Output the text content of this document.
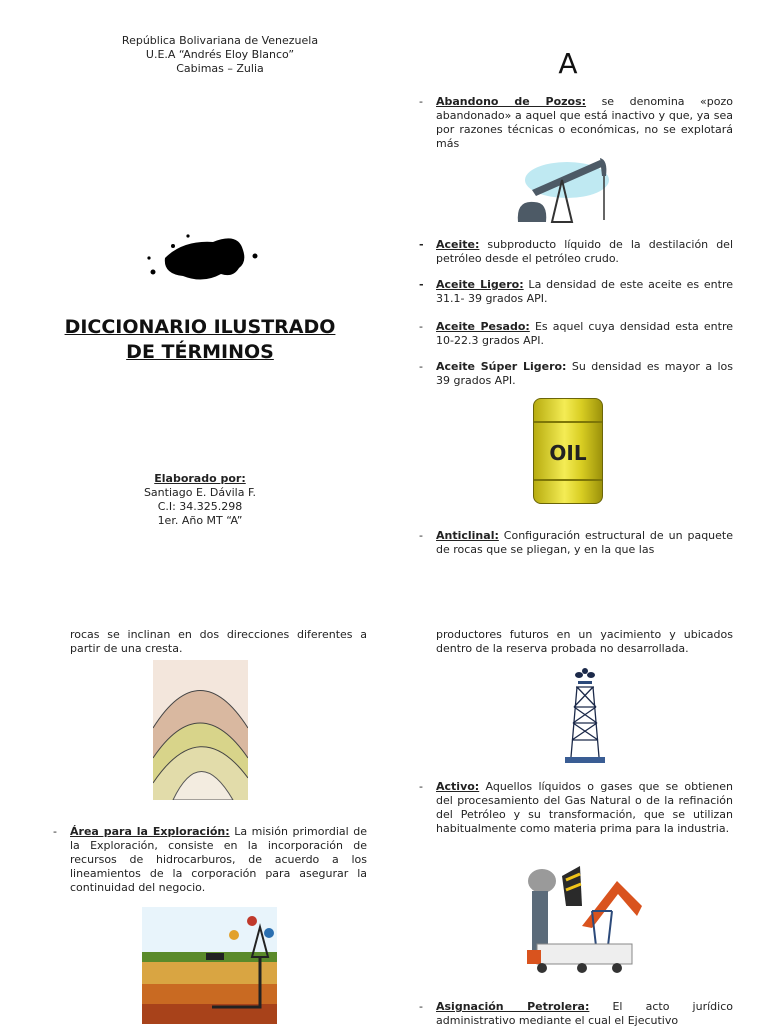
República Bolivariana de Venezuela
U.E.A “Andrés Eloy Blanco”
Cabimas – Zulia
DICCIONARIO ILUSTRADO
DE TÉRMINOS
Elaborado por:
Santiago E. Dávila F.
C.I: 34.325.298
1er. Año MT “A”
A
- Abandono de Pozos: se denomina «pozo abandonado» a aquel que está inactivo y que, ya sea por razones técnicas o económicas, no se explotará más
- Aceite: subproducto líquido de la destilación del petróleo desde el petróleo crudo.
- Aceite Ligero: La densidad de este aceite es entre 31.1- 39 grados API.
- Aceite Pesado: Es aquel cuya densidad esta entre 10-22.3 grados API.
- Aceite Súper Ligero: Su densidad es mayor a los 39 grados API.
OIL
- Anticlinal: Configuración estructural de un paquete de rocas que se pliegan, y en la que las
rocas se inclinan en dos direcciones diferentes a partir de una cresta.
- Área para la Exploración: La misión primordial de la Exploración, consiste en la incorporación de recursos de hidrocarburos, de acuerdo a los lineamientos de la corporación para asegurar la continuidad del negocio.
productores futuros en un yacimiento y ubicados dentro de la reserva probada no desarrollada.
- Activo: Aquellos líquidos o gases que se obtienen del procesamiento del Gas Natural o de la refinación del Petróleo y su transformación, que se utilizan habitualmente como materia prima para la industria.
- Asignación Petrolera: El acto jurídico administrativo mediante el cual el Ejecutivo
